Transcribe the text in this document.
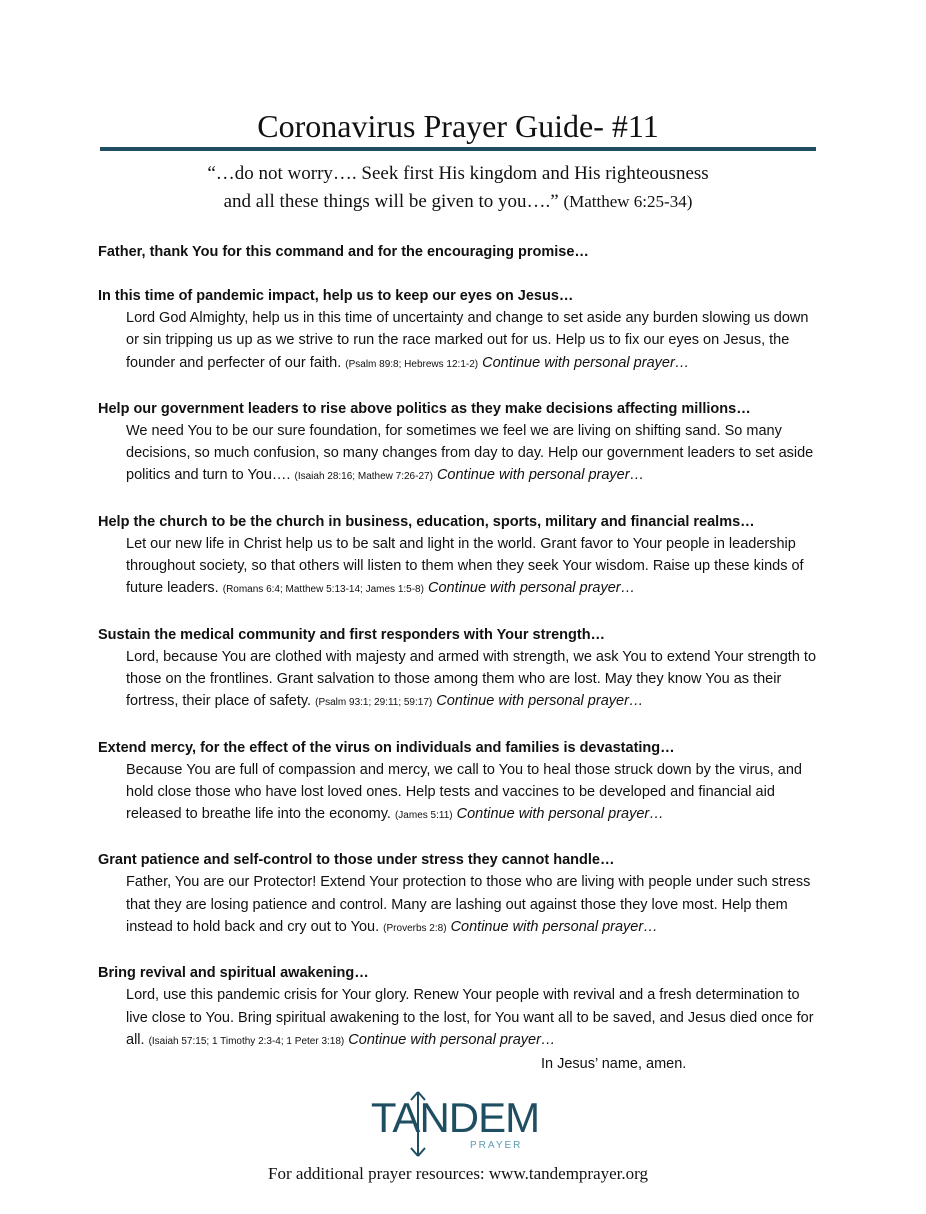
Coronavirus Prayer Guide- #11
“…do not worry…. Seek first His kingdom and His righteousness
and all these things will be given to you….” (Matthew 6:25-34)

Father, thank You for this command and for the encouraging promise…

In this time of pandemic impact, help us to keep our eyes on Jesus…

Lord God Almighty, help us in this time of uncertainty and change to set aside any burden slowing us down or sin tripping us up as we strive to run the race marked out for us. Help us to fix our eyes on Jesus, the founder and perfecter of our faith. (Psalm 89:8; Hebrews 12:1-2) Continue with personal prayer…

Help our government leaders to rise above politics as they make decisions affecting millions…

We need You to be our sure foundation, for sometimes we feel we are living on shifting sand. So many decisions, so much confusion, so many changes from day to day. Help our government leaders to set aside politics and turn to You…. (Isaiah 28:16; Mathew 7:26-27) Continue with personal prayer…

Help the church to be the church in business, education, sports, military and financial realms…

Let our new life in Christ help us to be salt and light in the world. Grant favor to Your people in leadership throughout society, so that others will listen to them when they seek Your wisdom. Raise up these kinds of future leaders. (Romans 6:4; Matthew 5:13-14; James 1:5-8) Continue with personal prayer…

Sustain the medical community and first responders with Your strength…

Lord, because You are clothed with majesty and armed with strength, we ask You to extend Your strength to those on the frontlines. Grant salvation to those among them who are lost. May they know You as their fortress, their place of safety. (Psalm 93:1; 29:11; 59:17) Continue with personal prayer…

Extend mercy, for the effect of the virus on individuals and families is devastating…

Because You are full of compassion and mercy, we call to You to heal those struck down by the virus, and hold close those who have lost loved ones. Help tests and vaccines to be developed and financial aid released to breathe life into the economy. (James 5:11) Continue with personal prayer…

Grant patience and self-control to those under stress they cannot handle…

Father, You are our Protector! Extend Your protection to those who are living with people under such stress that they are losing patience and control. Many are lashing out against those they love most. Help them instead to hold back and cry out to You. (Proverbs 2:8) Continue with personal prayer…

Bring revival and spiritual awakening…

Lord, use this pandemic crisis for Your glory. Renew Your people with revival and a fresh determination to live close to You. Bring spiritual awakening to the lost, for You want all to be saved, and Jesus died once for all. (Isaiah 57:15; 1 Timothy 2:3-4; 1 Peter 3:18) Continue with personal prayer…

In Jesus’ name, amen.
TANDEM
PRAYER
For additional prayer resources: www.tandemprayer.org
